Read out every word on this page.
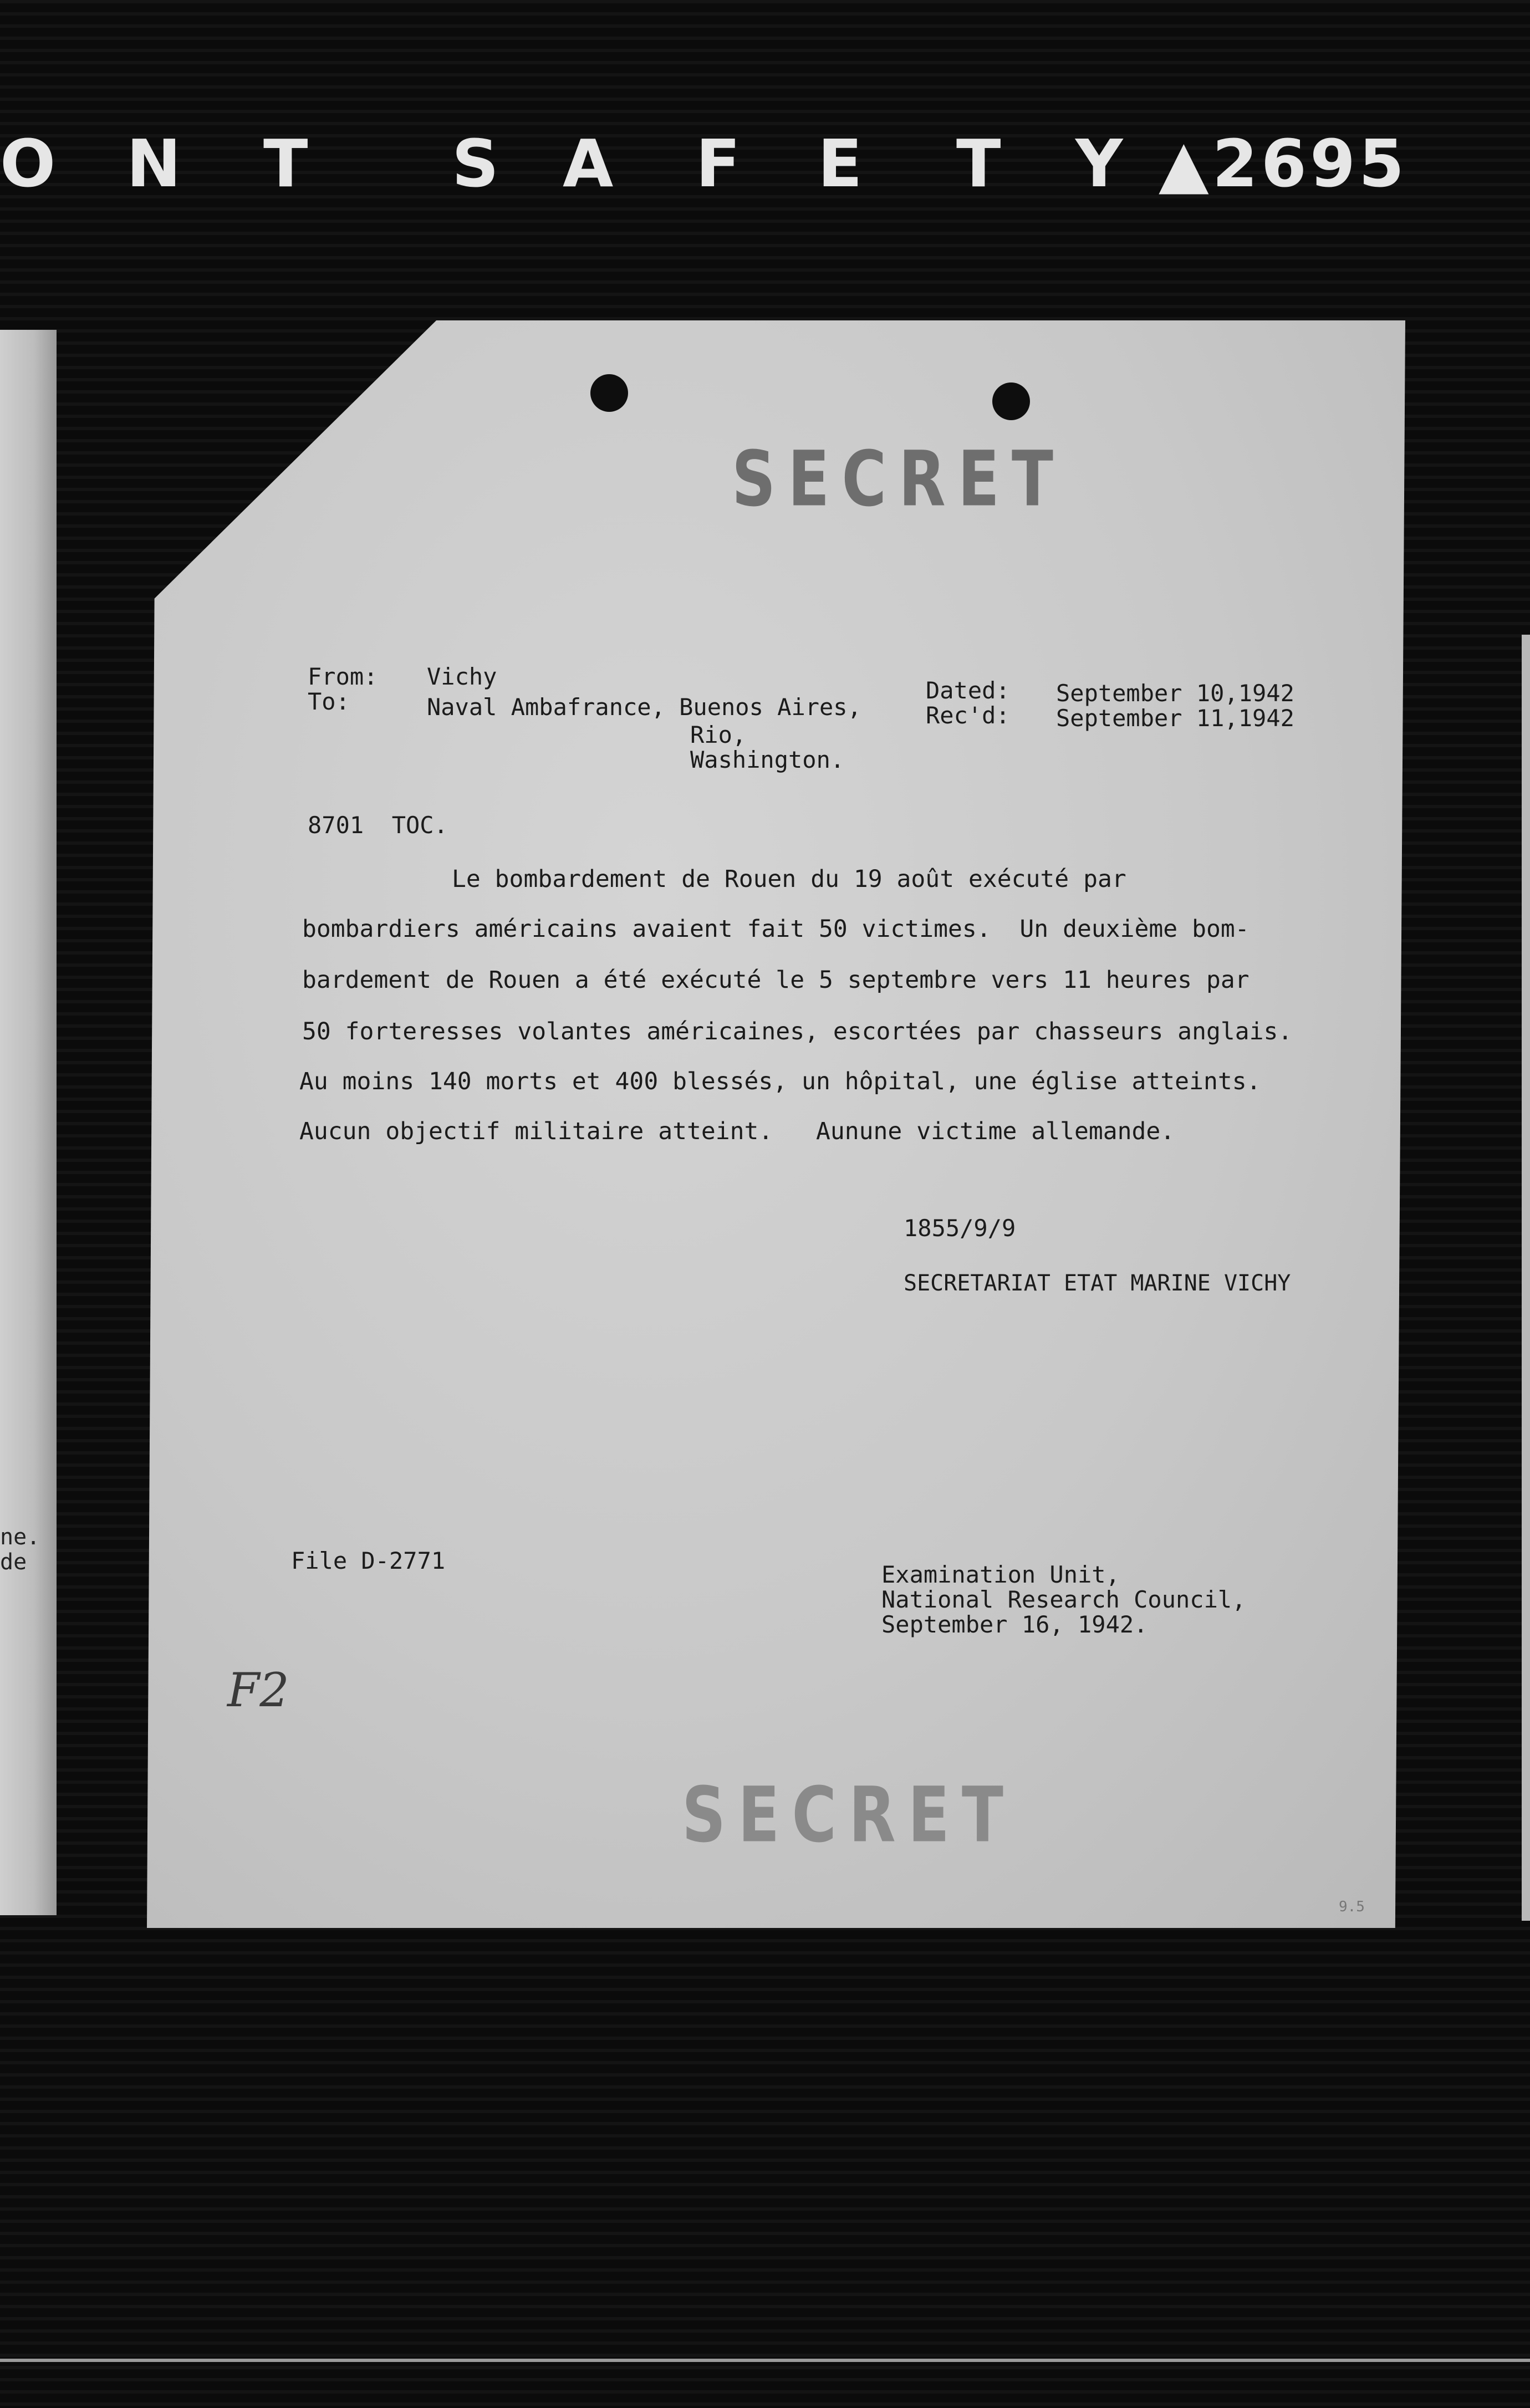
O N T S A F E T Y ▲2695
ne.
de
SECRET
From: Vichy
To:	Naval Ambafrance, Buenos Aires,
Rio,
Washington.
Dated: September 10,1942
Rec'd: September 11,1942
8701  TOC.
Le bombardement de Rouen du 19 août exécuté par
bombardiers américains avaient fait 50 victimes.  Un deuxième bom-
bardement de Rouen a été exécuté le 5 septembre vers 11 heures par
50 forteresses volantes américaines, escortées par chasseurs anglais.
Au moins 140 morts et 400 blessés, un hôpital, une église atteints.
Aucun objectif militaire atteint.   Aunune victime allemande.
1855/9/9
SECRETARIAT ETAT MARINE VICHY
File D-2771
Examination Unit,
National Research Council,
September 16, 1942.
F2
SECRET
9.5
